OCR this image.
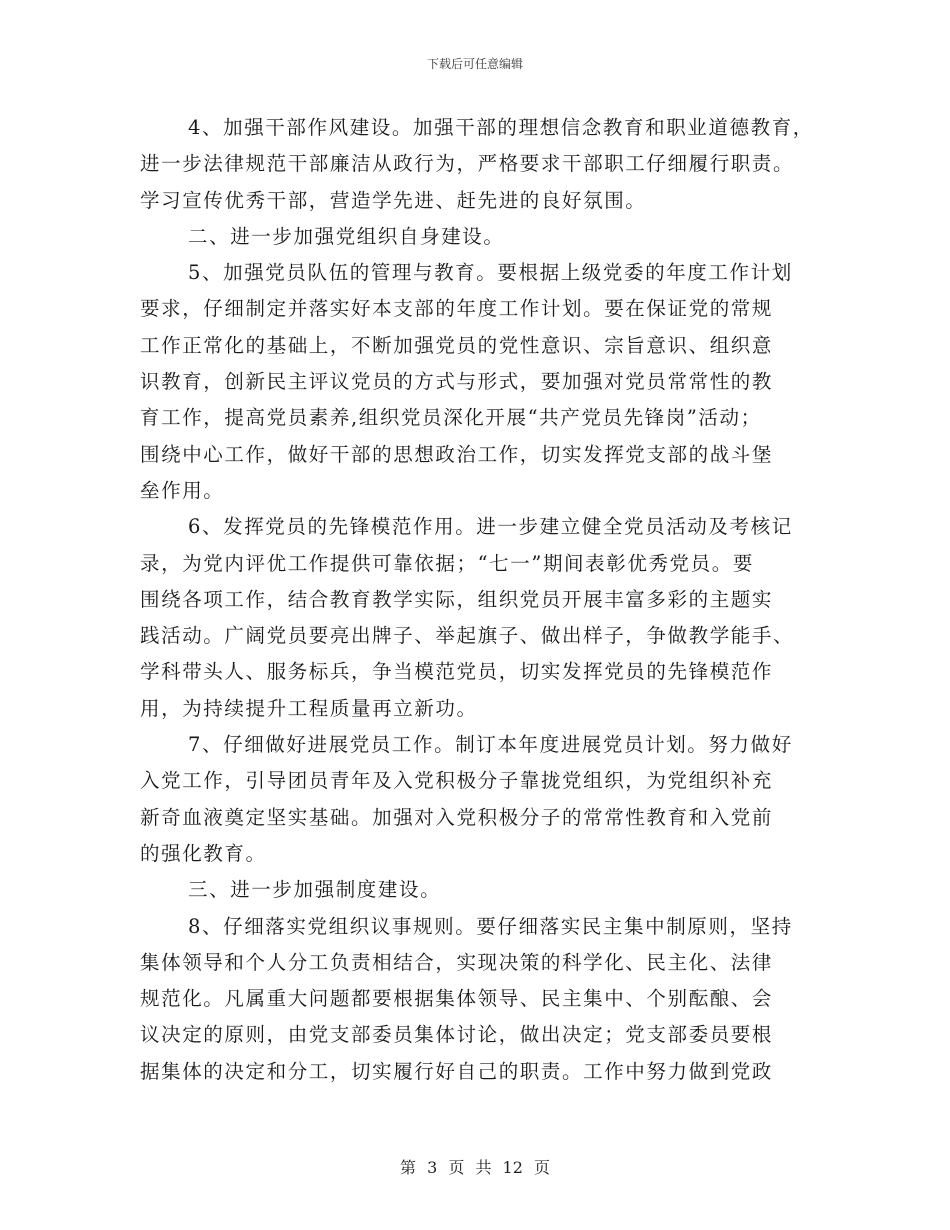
下载后可任意编辑
4、加强干部作风建设。加强干部的理想信念教育和职业道德教育，
进一步法律规范干部廉洁从政行为，严格要求干部职工仔细履行职责。
学习宣传优秀干部，营造学先进、赶先进的良好氛围。
二、进一步加强党组织自身建设。
5、加强党员队伍的管理与教育。要根据上级党委的年度工作计划
要求，仔细制定并落实好本支部的年度工作计划。要在保证党的常规
工作正常化的基础上，不断加强党员的党性意识、宗旨意识、组织意
识教育，创新民主评议党员的方式与形式，要加强对党员常常性的教
育工作，提高党员素养,组织党员深化开展“共产党员先锋岗”活动；
围绕中心工作，做好干部的思想政治工作，切实发挥党支部的战斗堡
垒作用。
6、发挥党员的先锋模范作用。进一步建立健全党员活动及考核记
录，为党内评优工作提供可靠依据；“七一”期间表彰优秀党员。要
围绕各项工作，结合教育教学实际，组织党员开展丰富多彩的主题实
践活动。广阔党员要亮出牌子、举起旗子、做出样子，争做教学能手、
学科带头人、服务标兵，争当模范党员，切实发挥党员的先锋模范作
用，为持续提升工程质量再立新功。
7、仔细做好进展党员工作。制订本年度进展党员计划。努力做好
入党工作，引导团员青年及入党积极分子靠拢党组织，为党组织补充
新奇血液奠定坚实基础。加强对入党积极分子的常常性教育和入党前
的强化教育。
三、进一步加强制度建设。
8、仔细落实党组织议事规则。要仔细落实民主集中制原则，坚持
集体领导和个人分工负责相结合，实现决策的科学化、民主化、法律
规范化。凡属重大问题都要根据集体领导、民主集中、个别酝酿、会
议决定的原则，由党支部委员集体讨论，做出决定；党支部委员要根
据集体的决定和分工，切实履行好自己的职责。工作中努力做到党政
第 3 页 共 12 页
